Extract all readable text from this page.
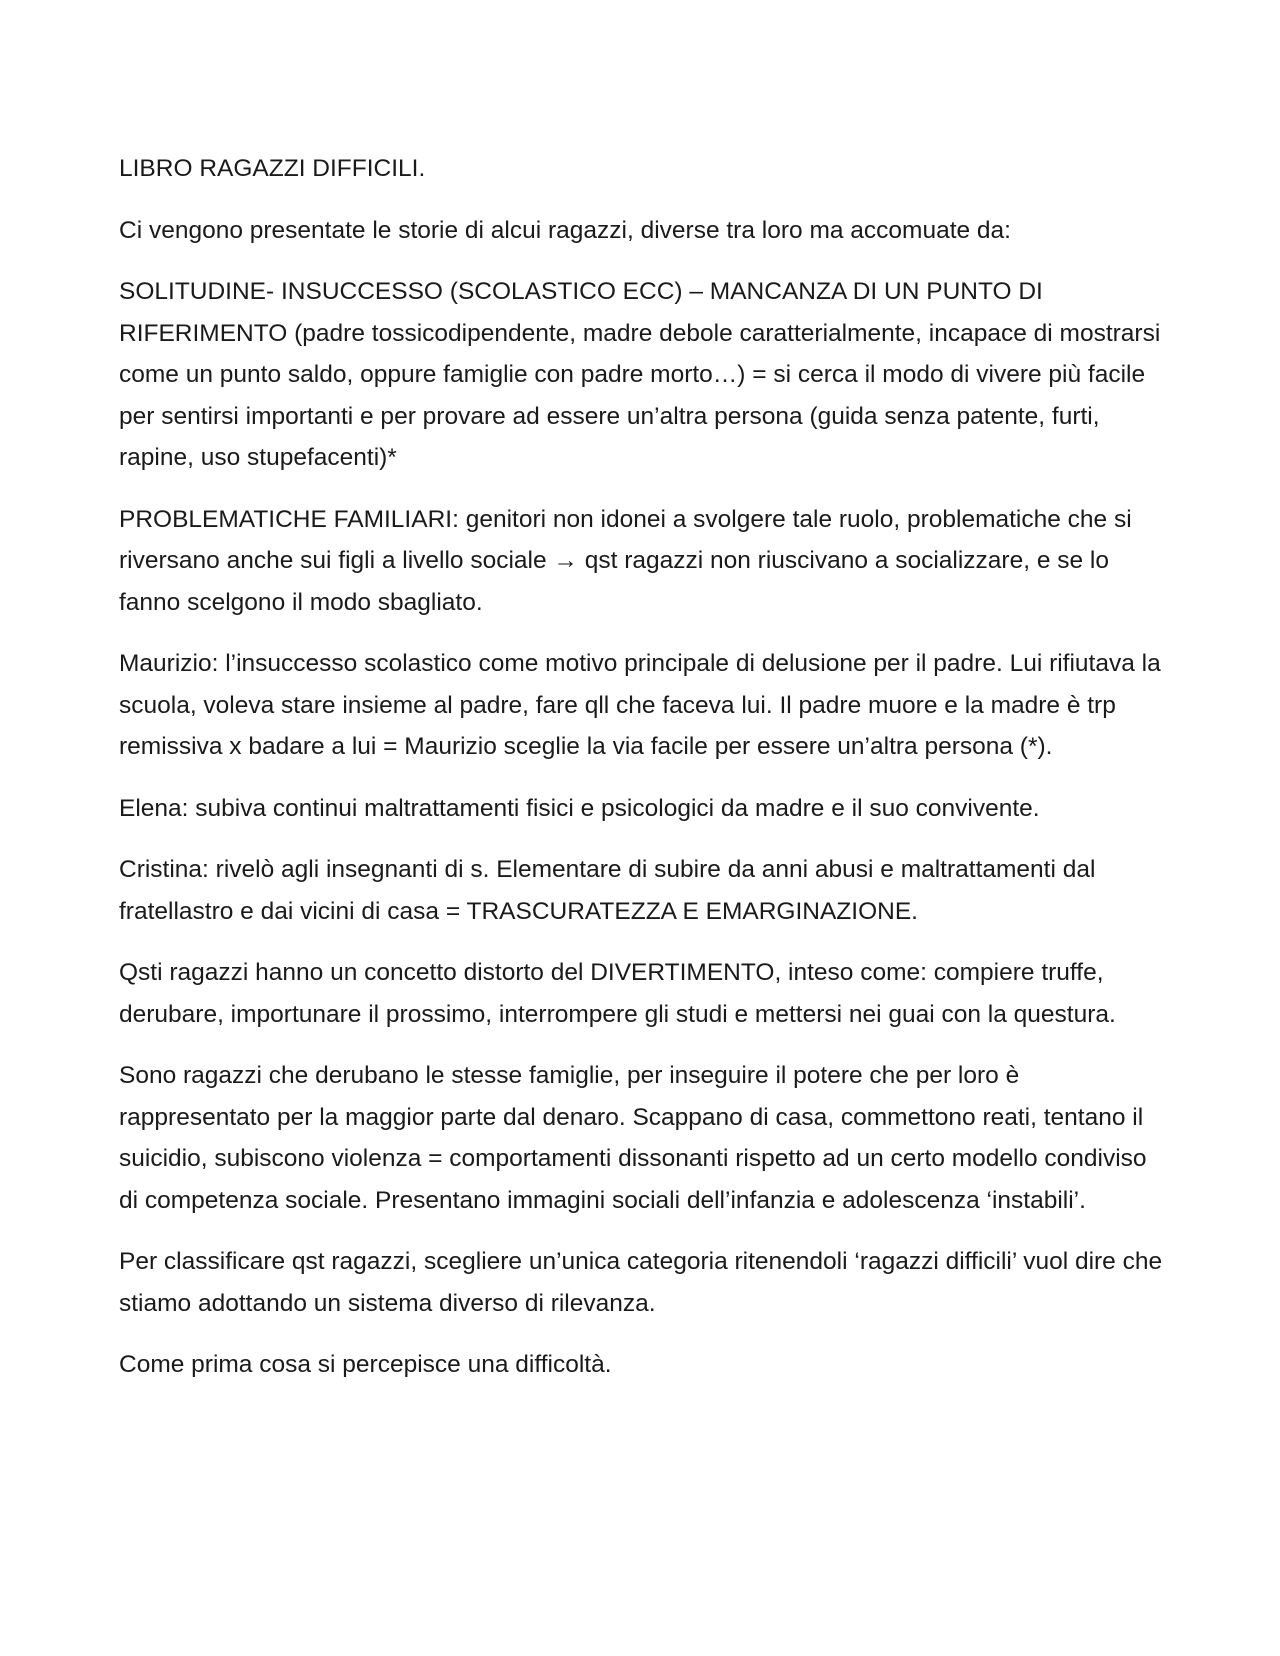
LIBRO RAGAZZI DIFFICILI.

Ci vengono presentate le storie di alcui ragazzi, diverse tra loro ma accomuate da:

SOLITUDINE- INSUCCESSO (SCOLASTICO ECC) – MANCANZA DI UN PUNTO DI RIFERIMENTO (padre tossicodipendente, madre debole caratterialmente, incapace di mostrarsi come un punto saldo, oppure famiglie con padre morto…) = si cerca il modo di vivere più facile per sentirsi importanti e per provare ad essere un’altra persona (guida senza patente, furti, rapine, uso stupefacenti)*

PROBLEMATICHE FAMILIARI: genitori non idonei a svolgere tale ruolo, problematiche che si riversano anche sui figli a livello sociale → qst ragazzi non riuscivano a socializzare, e se lo fanno scelgono il modo sbagliato.

Maurizio: l’insuccesso scolastico come motivo principale di delusione per il padre. Lui rifiutava la scuola, voleva stare insieme al padre, fare qll che faceva lui. Il padre muore e la madre è trp remissiva x badare a lui = Maurizio sceglie la via facile per essere un’altra persona (*).

Elena: subiva continui maltrattamenti fisici e psicologici da madre e il suo convivente.

Cristina: rivelò agli insegnanti di s. Elementare di subire da anni abusi e maltrattamenti dal fratellastro e dai vicini di casa = TRASCURATEZZA E EMARGINAZIONE.

Qsti ragazzi hanno un concetto distorto del DIVERTIMENTO, inteso come: compiere truffe, derubare, importunare il prossimo, interrompere gli studi e mettersi nei guai con la questura.

Sono ragazzi che derubano le stesse famiglie, per inseguire il potere che per loro è rappresentato per la maggior parte dal denaro. Scappano di casa, commettono reati, tentano il suicidio, subiscono violenza = comportamenti dissonanti rispetto ad un certo modello condiviso di competenza sociale. Presentano immagini sociali dell’infanzia e adolescenza ‘instabili’.

Per classificare qst ragazzi, scegliere un’unica categoria ritenendoli ‘ragazzi difficili’ vuol dire che stiamo adottando un sistema diverso di rilevanza.

Come prima cosa si percepisce una difficoltà.
